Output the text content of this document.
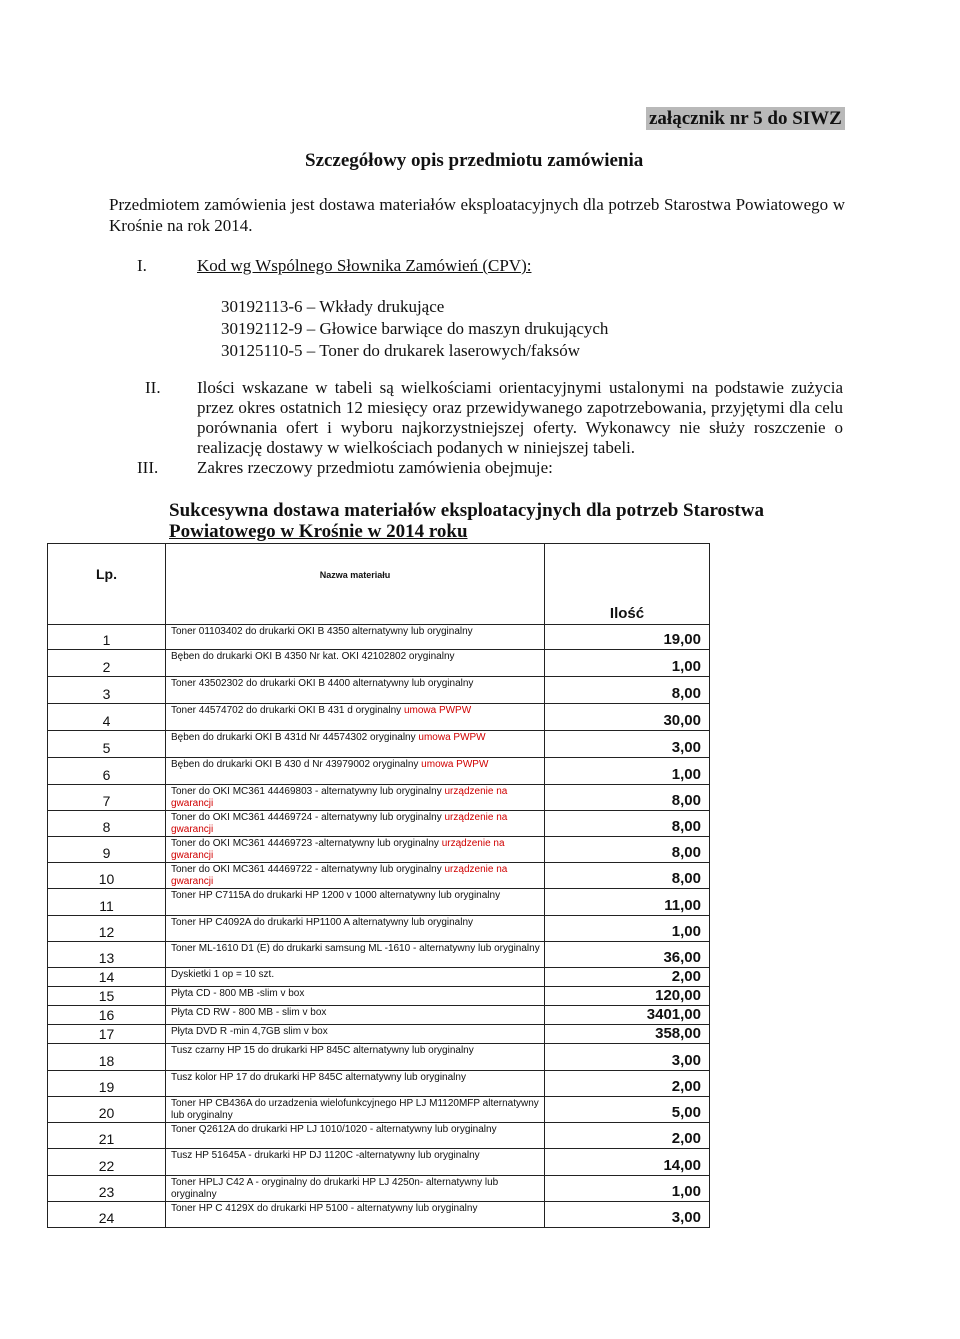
załącznik nr 5 do SIWZ
Szczegółowy opis przedmiotu zamówienia
Przedmiotem zamówienia jest dostawa materiałów eksploatacyjnych dla potrzeb Starostwa Powiatowego w Krośnie na rok 2014.
I.	Kod wg Wspólnego Słownika Zamówień (CPV):
30192113-6 – Wkłady drukujące
30192112-9 – Głowice barwiące do maszyn drukujących
30125110-5 – Toner do drukarek laserowych/faksów
II. Ilości wskazane w tabeli są wielkościami orientacyjnymi ustalonymi na podstawie zużycia przez okres ostatnich 12 miesięcy oraz przewidywanego zapotrzebowania, przyjętymi dla celu porównania ofert i wyboru najkorzystniejszej oferty. Wykonawcy nie służy roszczenie o realizację dostawy w wielkościach podanych w niniejszej tabeli.
III. Zakres rzeczowy przedmiotu zamówienia obejmuje:
Sukcesywna dostawa materiałów eksploatacyjnych dla potrzeb Starostwa
Powiatowego w Krośnie w 2014 roku
Lp.	Nazwa materiału	Ilość
1	Toner 01103402 do drukarki OKI B 4350 alternatywny lub oryginalny	19,00
2	Bęben do drukarki OKI B 4350 Nr kat. OKI 42102802 oryginalny	1,00
3	Toner 43502302 do drukarki OKI B 4400 alternatywny lub oryginalny	8,00
4	Toner 44574702 do drukarki OKI B 431 d oryginalny umowa PWPW	30,00
5	Bęben do drukarki OKI B 431d Nr 44574302 oryginalny umowa PWPW	3,00
6	Bęben do drukarki OKI B 430 d Nr 43979002 oryginalny umowa PWPW	1,00
7	Toner do OKI MC361 44469803 - alternatywny lub oryginalny urządzenie na gwarancji	8,00
8	Toner do OKI MC361 44469724 - alternatywny lub oryginalny urządzenie na gwarancji	8,00
9	Toner do OKI MC361 44469723 -alternatywny lub oryginalny urządzenie na gwarancji	8,00
10	Toner do OKI MC361 44469722 - alternatywny lub oryginalny urządzenie na gwarancji	8,00
11	Toner HP C7115A do drukarki HP 1200 v 1000 alternatywny lub oryginalny	11,00
12	Toner HP C4092A do drukarki HP1100 A alternatywny lub oryginalny	1,00
13	Toner ML-1610 D1 (E) do drukarki samsung ML -1610 - alternatywny lub oryginalny	36,00
14	Dyskietki 1 op = 10 szt.	2,00
15	Płyta CD - 800 MB -slim v box	120,00
16	Płyta CD RW - 800 MB - slim v box	3401,00
17	Płyta DVD R -min 4,7GB slim v box	358,00
18	Tusz czarny HP 15 do drukarki HP 845C alternatywny lub oryginalny	3,00
19	Tusz kolor HP 17 do drukarki HP 845C alternatywny lub oryginalny	2,00
20	Toner HP CB436A do urzadzenia wielofunkcyjnego HP LJ M1120MFP alternatywny lub oryginalny	5,00
21	Toner Q2612A do drukarki HP LJ 1010/1020 - alternatywny lub oryginalny	2,00
22	Tusz HP 51645A - drukarki HP DJ 1120C -alternatywny lub oryginalny	14,00
23	Toner HPLJ C42 A - oryginalny do drukarki HP LJ 4250n- alternatywny lub oryginalny	1,00
24	Toner HP C 4129X do drukarki HP 5100 - alternatywny lub oryginalny	3,00
